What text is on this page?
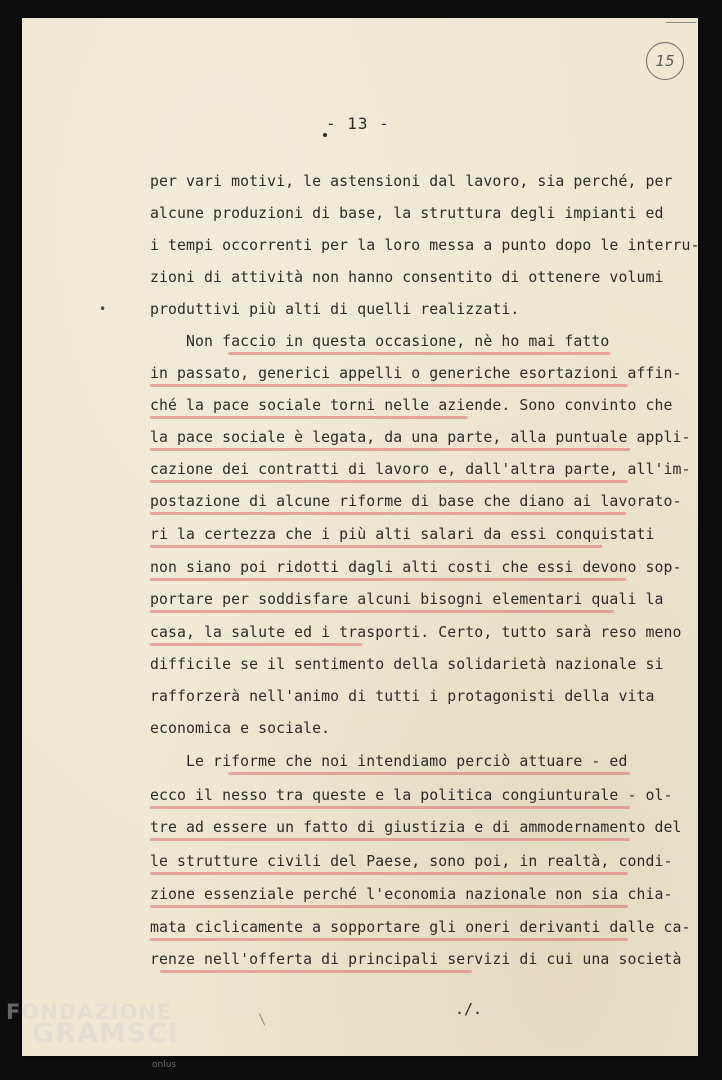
15
- 13 -
•
per vari motivi, le astensioni dal lavoro, sia perché, per
alcune produzioni di base, la struttura degli impianti ed
i tempi occorrenti per la loro messa a punto dopo le interru-
zioni di attività non hanno consentito di ottenere volumi
produttivi più alti di quelli realizzati.
Non faccio in questa occasione, nè ho mai fatto
in passato, generici appelli o generiche esortazioni affin-
ché la pace sociale torni nelle aziende. Sono convinto che
la pace sociale è legata, da una parte, alla puntuale appli-
cazione dei contratti di lavoro e, dall'altra parte, all'im-
postazione di alcune riforme di base che diano ai lavorato-
ri la certezza che i più alti salari da essi conquistati
non siano poi ridotti dagli alti costi che essi devono sop-
portare per soddisfare alcuni bisogni elementari quali la
casa, la salute ed i trasporti. Certo, tutto sarà reso meno
difficile se il sentimento della solidarietà nazionale si
rafforzerà nell'animo di tutti i protagonisti della vita
economica e sociale.
Le riforme che noi intendiamo perciò attuare - ed
ecco il nesso tra queste e la politica congiunturale - ol-
tre ad essere un fatto di giustizia e di ammodernamento del
le strutture civili del Paese, sono poi, in realtà, condi-
zione essenziale perché l'economia nazionale non sia chia-
mata ciclicamente a sopportare gli oneri derivanti dalle ca-
renze nell'offerta di principali servizi di cui una società
./.
\
FONDAZIONE
GRAMSCI
onlus
